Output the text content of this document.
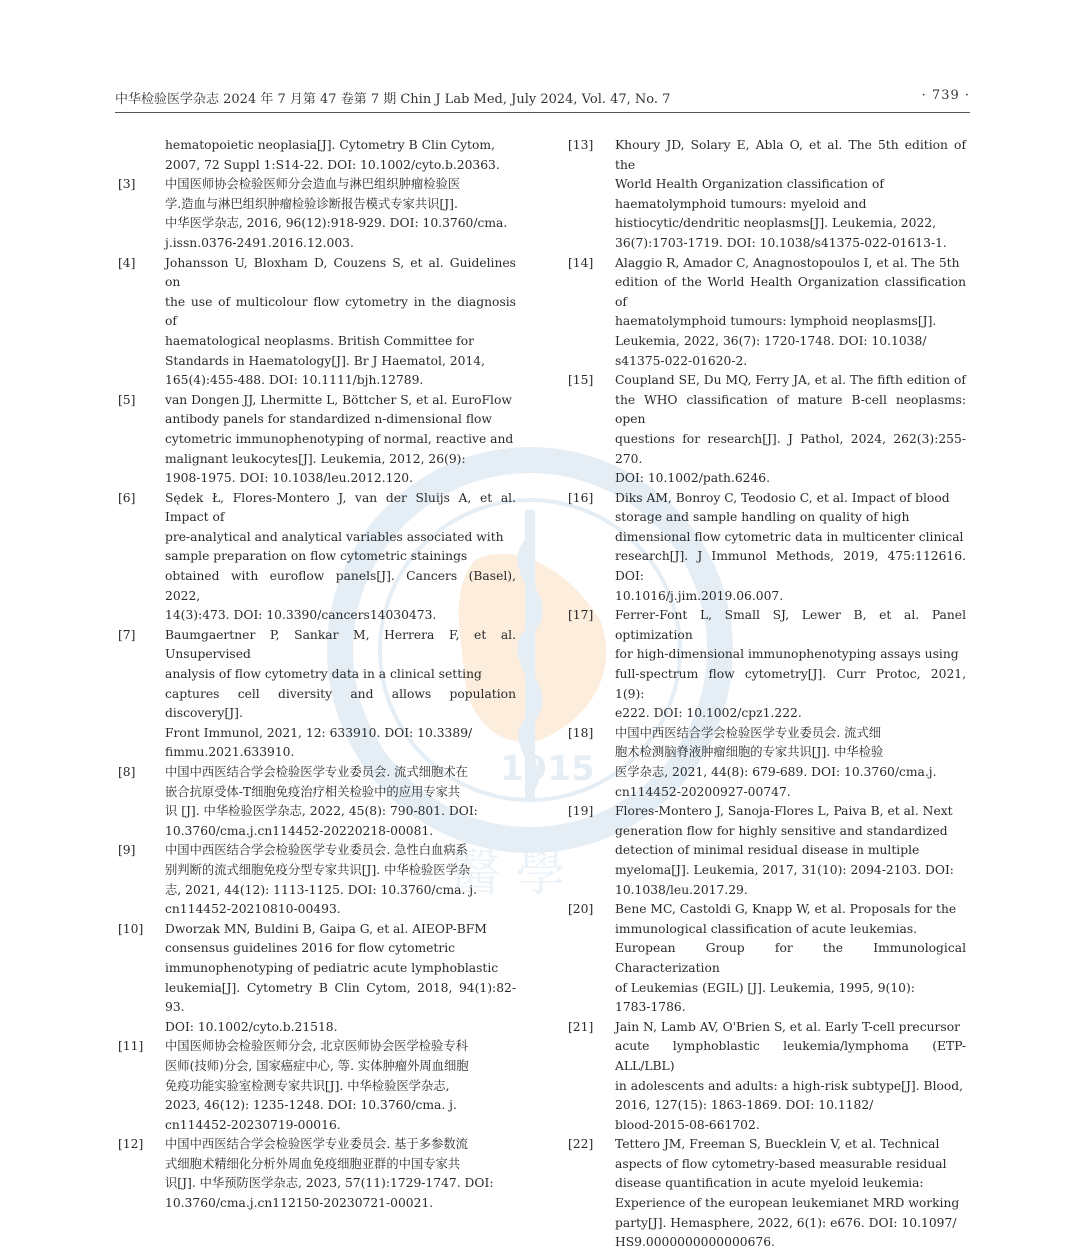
1915
醫 學
中华检验医学杂志 2024 年 7 月第 47 卷第 7 期 Chin J Lab Med, July 2024, Vol. 47, No. 7	· 739 ·
hematopoietic neoplasia[J]. Cytometry B Clin Cytom,
2007, 72 Suppl 1:S14-22. DOI: 10.1002/cyto.b.20363.
[3] 中国医师协会检验医师分会造血与淋巴组织肿瘤检验医
学.造血与淋巴组织肿瘤检验诊断报告模式专家共识[J].
中华医学杂志, 2016, 96(12):918-929. DOI: 10.3760/cma.
j.issn.0376-2491.2016.12.003.
[4] Johansson U, Bloxham D, Couzens S, et al. Guidelines on
the use of multicolour flow cytometry in the diagnosis of
haematological neoplasms. British Committee for
Standards in Haematology[J]. Br J Haematol, 2014,
165(4):455-488. DOI: 10.1111/bjh.12789.
[5] van Dongen JJ, Lhermitte L, Böttcher S, et al. EuroFlow
antibody panels for standardized n-dimensional flow
cytometric immunophenotyping of normal, reactive and
malignant leukocytes[J]. Leukemia, 2012, 26(9):
1908-1975. DOI: 10.1038/leu.2012.120.
[6] Sędek Ł, Flores-Montero J, van der Sluijs A, et al. Impact of
pre-analytical and analytical variables associated with
sample preparation on flow cytometric stainings
obtained with euroflow panels[J]. Cancers (Basel), 2022,
14(3):473. DOI: 10.3390/cancers14030473.
[7] Baumgaertner P, Sankar M, Herrera F, et al. Unsupervised
analysis of flow cytometry data in a clinical setting
captures cell diversity and allows population discovery[J].
Front Immunol, 2021, 12: 633910. DOI: 10.3389/
fimmu.2021.633910.
[8] 中国中西医结合学会检验医学专业委员会. 流式细胞术在
嵌合抗原受体-T细胞免疫治疗相关检验中的应用专家共
识 [J]. 中华检验医学杂志, 2022, 45(8): 790-801. DOI:
10.3760/cma.j.cn114452-20220218-00081.
[9] 中国中西医结合学会检验医学专业委员会. 急性白血病系
别判断的流式细胞免疫分型专家共识[J]. 中华检验医学杂
志, 2021, 44(12): 1113-1125. DOI: 10.3760/cma. j.
cn114452-20210810-00493.
[10] Dworzak MN, Buldini B, Gaipa G, et al. AIEOP-BFM
consensus guidelines 2016 for flow cytometric
immunophenotyping of pediatric acute lymphoblastic
leukemia[J]. Cytometry B Clin Cytom, 2018, 94(1):82-93.
DOI: 10.1002/cyto.b.21518.
[11] 中国医师协会检验医师分会, 北京医师协会医学检验专科
医师(技师)分会, 国家癌症中心, 等. 实体肿瘤外周血细胞
免疫功能实验室检测专家共识[J]. 中华检验医学杂志,
2023, 46(12): 1235-1248. DOI: 10.3760/cma. j.
cn114452-20230719-00016.
[12] 中国中西医结合学会检验医学专业委员会. 基于多参数流
式细胞术精细化分析外周血免疫细胞亚群的中国专家共
识[J]. 中华预防医学杂志, 2023, 57(11):1729-1747. DOI:
10.3760/cma.j.cn112150-20230721-00021.
[13] Khoury JD, Solary E, Abla O, et al. The 5th edition of the
World Health Organization classification of
haematolymphoid tumours: myeloid and
histiocytic/dendritic neoplasms[J]. Leukemia, 2022,
36(7):1703-1719. DOI: 10.1038/s41375-022-01613-1.
[14] Alaggio R, Amador C, Anagnostopoulos I, et al. The 5th
edition of the World Health Organization classification of
haematolymphoid tumours: lymphoid neoplasms[J].
Leukemia, 2022, 36(7): 1720-1748. DOI: 10.1038/
s41375-022-01620-2.
[15] Coupland SE, Du MQ, Ferry JA, et al. The fifth edition of
the WHO classification of mature B-cell neoplasms: open
questions for research[J]. J Pathol, 2024, 262(3):255-270.
DOI: 10.1002/path.6246.
[16] Diks AM, Bonroy C, Teodosio C, et al. Impact of blood
storage and sample handling on quality of high
dimensional flow cytometric data in multicenter clinical
research[J]. J Immunol Methods, 2019, 475:112616. DOI:
10.1016/j.jim.2019.06.007.
[17] Ferrer-Font L, Small SJ, Lewer B, et al. Panel optimization
for high-dimensional immunophenotyping assays using
full-spectrum flow cytometry[J]. Curr Protoc, 2021, 1(9):
e222. DOI: 10.1002/cpz1.222.
[18] 中国中西医结合学会检验医学专业委员会. 流式细
胞术检测脑脊液肿瘤细胞的专家共识[J]. 中华检验
医学杂志, 2021, 44(8): 679-689. DOI: 10.3760/cma.j.
cn114452-20200927-00747.
[19] Flores-Montero J, Sanoja-Flores L, Paiva B, et al. Next
generation flow for highly sensitive and standardized
detection of minimal residual disease in multiple
myeloma[J]. Leukemia, 2017, 31(10): 2094-2103. DOI:
10.1038/leu.2017.29.
[20] Bene MC, Castoldi G, Knapp W, et al. Proposals for the
immunological classification of acute leukemias.
European Group for the Immunological Characterization
of Leukemias (EGIL) [J]. Leukemia, 1995, 9(10):
1783-1786.
[21] Jain N, Lamb AV, O'Brien S, et al. Early T-cell precursor
acute lymphoblastic leukemia/lymphoma (ETP-ALL/LBL)
in adolescents and adults: a high-risk subtype[J]. Blood,
2016, 127(15): 1863-1869. DOI: 10.1182/
blood-2015-08-661702.
[22] Tettero JM, Freeman S, Buecklein V, et al. Technical
aspects of flow cytometry-based measurable residual
disease quantification in acute myeloid leukemia:
Experience of the european leukemianet MRD working
party[J]. Hemasphere, 2022, 6(1): e676. DOI: 10.1097/
HS9.0000000000000676.
